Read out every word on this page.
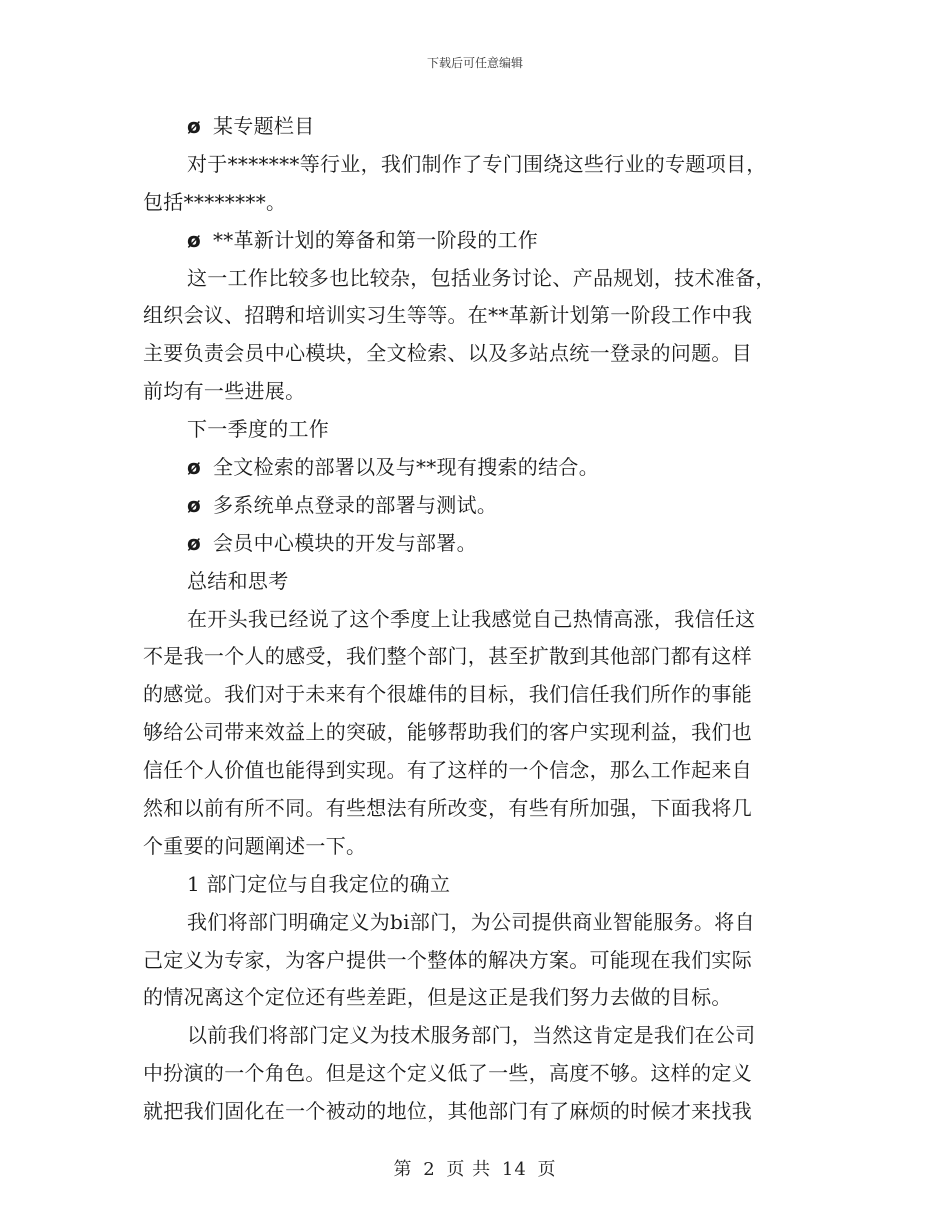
下载后可任意编辑
ø 某专题栏目
对于*******等行业，我们制作了专门围绕这些行业的专题项目，
包括********。
ø **革新计划的筹备和第一阶段的工作
这一工作比较多也比较杂，包括业务讨论、产品规划，技术准备，
组织会议、招聘和培训实习生等等。在**革新计划第一阶段工作中我
主要负责会员中心模块，全文检索、以及多站点统一登录的问题。目
前均有一些进展。
下一季度的工作
ø 全文检索的部署以及与**现有搜索的结合。
ø 多系统单点登录的部署与测试。
ø 会员中心模块的开发与部署。
总结和思考
在开头我已经说了这个季度上让我感觉自己热情高涨，我信任这
不是我一个人的感受，我们整个部门，甚至扩散到其他部门都有这样
的感觉。我们对于未来有个很雄伟的目标，我们信任我们所作的事能
够给公司带来效益上的突破，能够帮助我们的客户实现利益，我们也
信任个人价值也能得到实现。有了这样的一个信念，那么工作起来自
然和以前有所不同。有些想法有所改变，有些有所加强，下面我将几
个重要的问题阐述一下。
1 部门定位与自我定位的确立
我们将部门明确定义为bi部门，为公司提供商业智能服务。将自
己定义为专家，为客户提供一个整体的解决方案。可能现在我们实际
的情况离这个定位还有些差距，但是这正是我们努力去做的目标。
以前我们将部门定义为技术服务部门，当然这肯定是我们在公司
中扮演的一个角色。但是这个定义低了一些，高度不够。这样的定义
就把我们固化在一个被动的地位，其他部门有了麻烦的时候才来找我
第 2 页 共 14 页
